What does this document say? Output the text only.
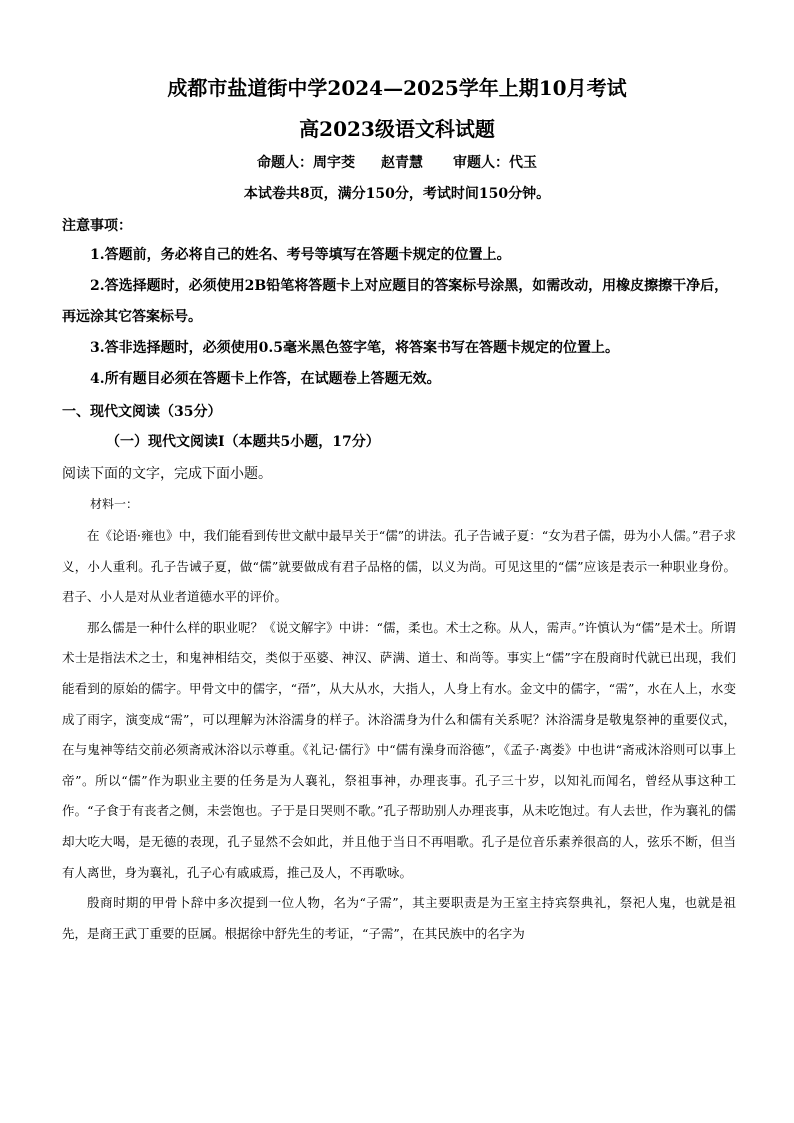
成都市盐道街中学2024—2025学年上期10月考试
高2023级语文科试题
命题人：周宇茭 赵青慧 审题人：代玉
本试卷共8页，满分150分，考试时间150分钟。
注意事项：

1.答题前，务必将自己的姓名、考号等填写在答题卡规定的位置上。

2.答选择题时，必须使用2B铅笔将答题卡上对应题目的答案标号涂黑，如需改动，用橡皮擦擦干净后，再远涂其它答案标号。

3.答非选择题时，必须使用0.5毫米黑色签字笔，将答案书写在答题卡规定的位置上。

4.所有题目必须在答题卡上作答，在试题卷上答题无效。

一、现代文阅读（35分）
（一）现代文阅读Ⅰ（本题共5小题，17分）
阅读下面的文字，完成下面小题。
材料一：

在《论语·雍也》中，我们能看到传世文献中最早关于“儒”的讲法。孔子告诫子夏：“女为君子儒，毋为小人儒。”君子求义，小人重利。孔子告诫子夏，做“儒”就要做成有君子品格的儒，以义为尚。可见这里的“儒”应该是表示一种职业身份。君子、小人是对从业者道德水平的评价。

那么儒是一种什么样的职业呢？《说文解字》中讲：“儒，柔也。术士之称。从人，需声。”许慎认为“儒”是术士。所谓术士是指法术之士，和鬼神相结交，类似于巫婆、神汉、萨满、道士、和尚等。事实上“儒”字在殷商时代就已出现，我们能看到的原始的儒字。甲骨文中的儒字，“𡦌”，从大从水，大指人，人身上有水。金文中的儒字，“需”，水在人上，水变成了雨字，演变成“需”，可以理解为沐浴濡身的样子。沐浴濡身为什么和儒有关系呢？沐浴濡身是敬鬼祭神的重要仪式，在与鬼神等结交前必须斋戒沐浴以示尊重。《礼记·儒行》中“儒有澡身而浴德”，《孟子·离娄》中也讲“斋戒沐浴则可以事上帝”。所以“儒”作为职业主要的任务是为人襄礼，祭祖事神，办理丧事。孔子三十岁，以知礼而闻名，曾经从事这种工作。“子食于有丧者之侧，未尝饱也。子于是日哭则不歌。”孔子帮助别人办理丧事，从未吃饱过。有人去世，作为襄礼的儒却大吃大喝，是无德的表现，孔子显然不会如此，并且他于当日不再唱歌。孔子是位音乐素养很高的人，弦乐不断，但当有人离世，身为襄礼，孔子心有戚戚焉，推己及人，不再歌咏。

殷商时期的甲骨卜辞中多次提到一位人物，名为“子需”，其主要职责是为王室主持宾祭典礼，祭祀人鬼，也就是祖先，是商王武丁重要的臣属。根据徐中舒先生的考证，“子需”，在其民族中的名字为
